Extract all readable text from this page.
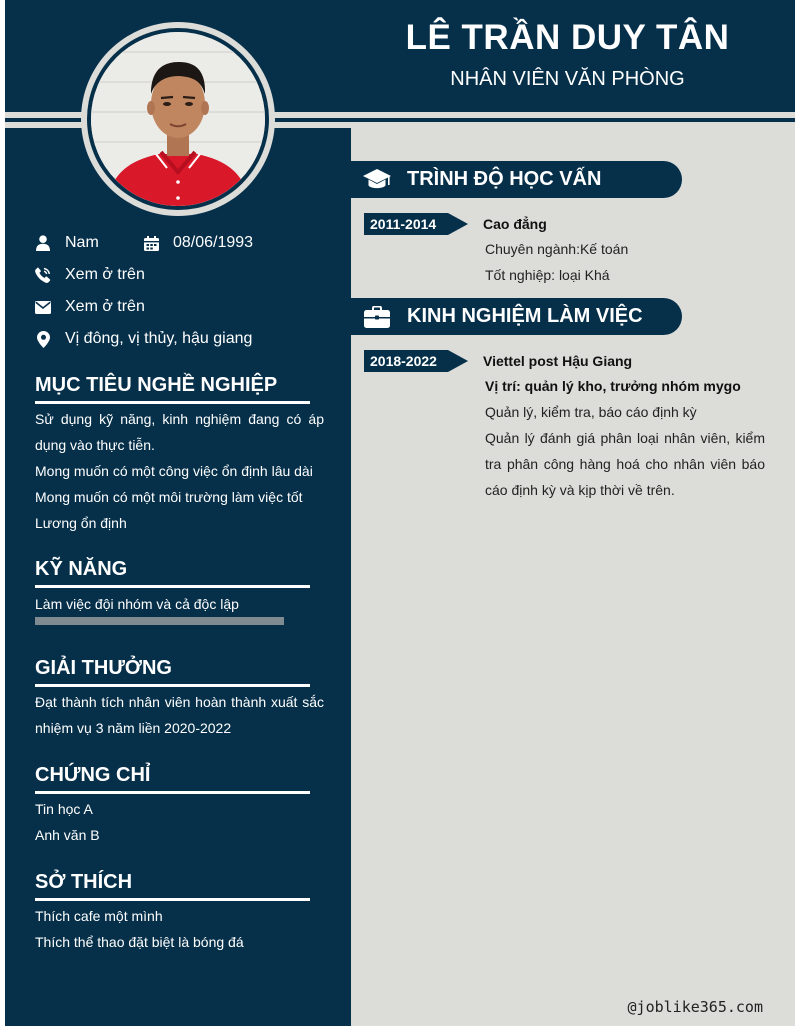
LÊ TRẦN DUY TÂN
NHÂN VIÊN VĂN PHÒNG
Nam	08/06/1993
Xem ở trên
Xem ở trên
Vị đông, vị thủy, hậu giang
MỤC TIÊU NGHỀ NGHIỆP
Sử dụng kỹ năng, kinh nghiệm đang có áp dụng vào thực tiễn.
Mong muốn có một công việc ổn định lâu dài
Mong muốn có một môi trường làm việc tốt
Lương ổn định
KỸ NĂNG
Làm việc đội nhóm và cả độc lập
GIẢI THƯỞNG
Đạt thành tích nhân viên hoàn thành xuất sắc nhiệm vụ 3 năm liền 2020-2022
CHỨNG CHỈ
Tin học A
Anh văn B
SỞ THÍCH
Thích cafe một mình
Thích thể thao đặt biệt là bóng đá
TRÌNH ĐỘ HỌC VẤN
2011-2014	Cao đẳng
Chuyên ngành:Kế toán
Tốt nghiệp: loại Khá
KINH NGHIỆM LÀM VIỆC
2018-2022	Viettel post Hậu Giang
Vị trí: quản lý kho, trưởng nhóm mygo
Quản lý, kiểm tra, báo cáo định kỳ
Quản lý đánh giá phân loại nhân viên, kiểm tra phân công hàng hoá cho nhân viên báo cáo định kỳ và kịp thời về trên.
@joblike365.com
